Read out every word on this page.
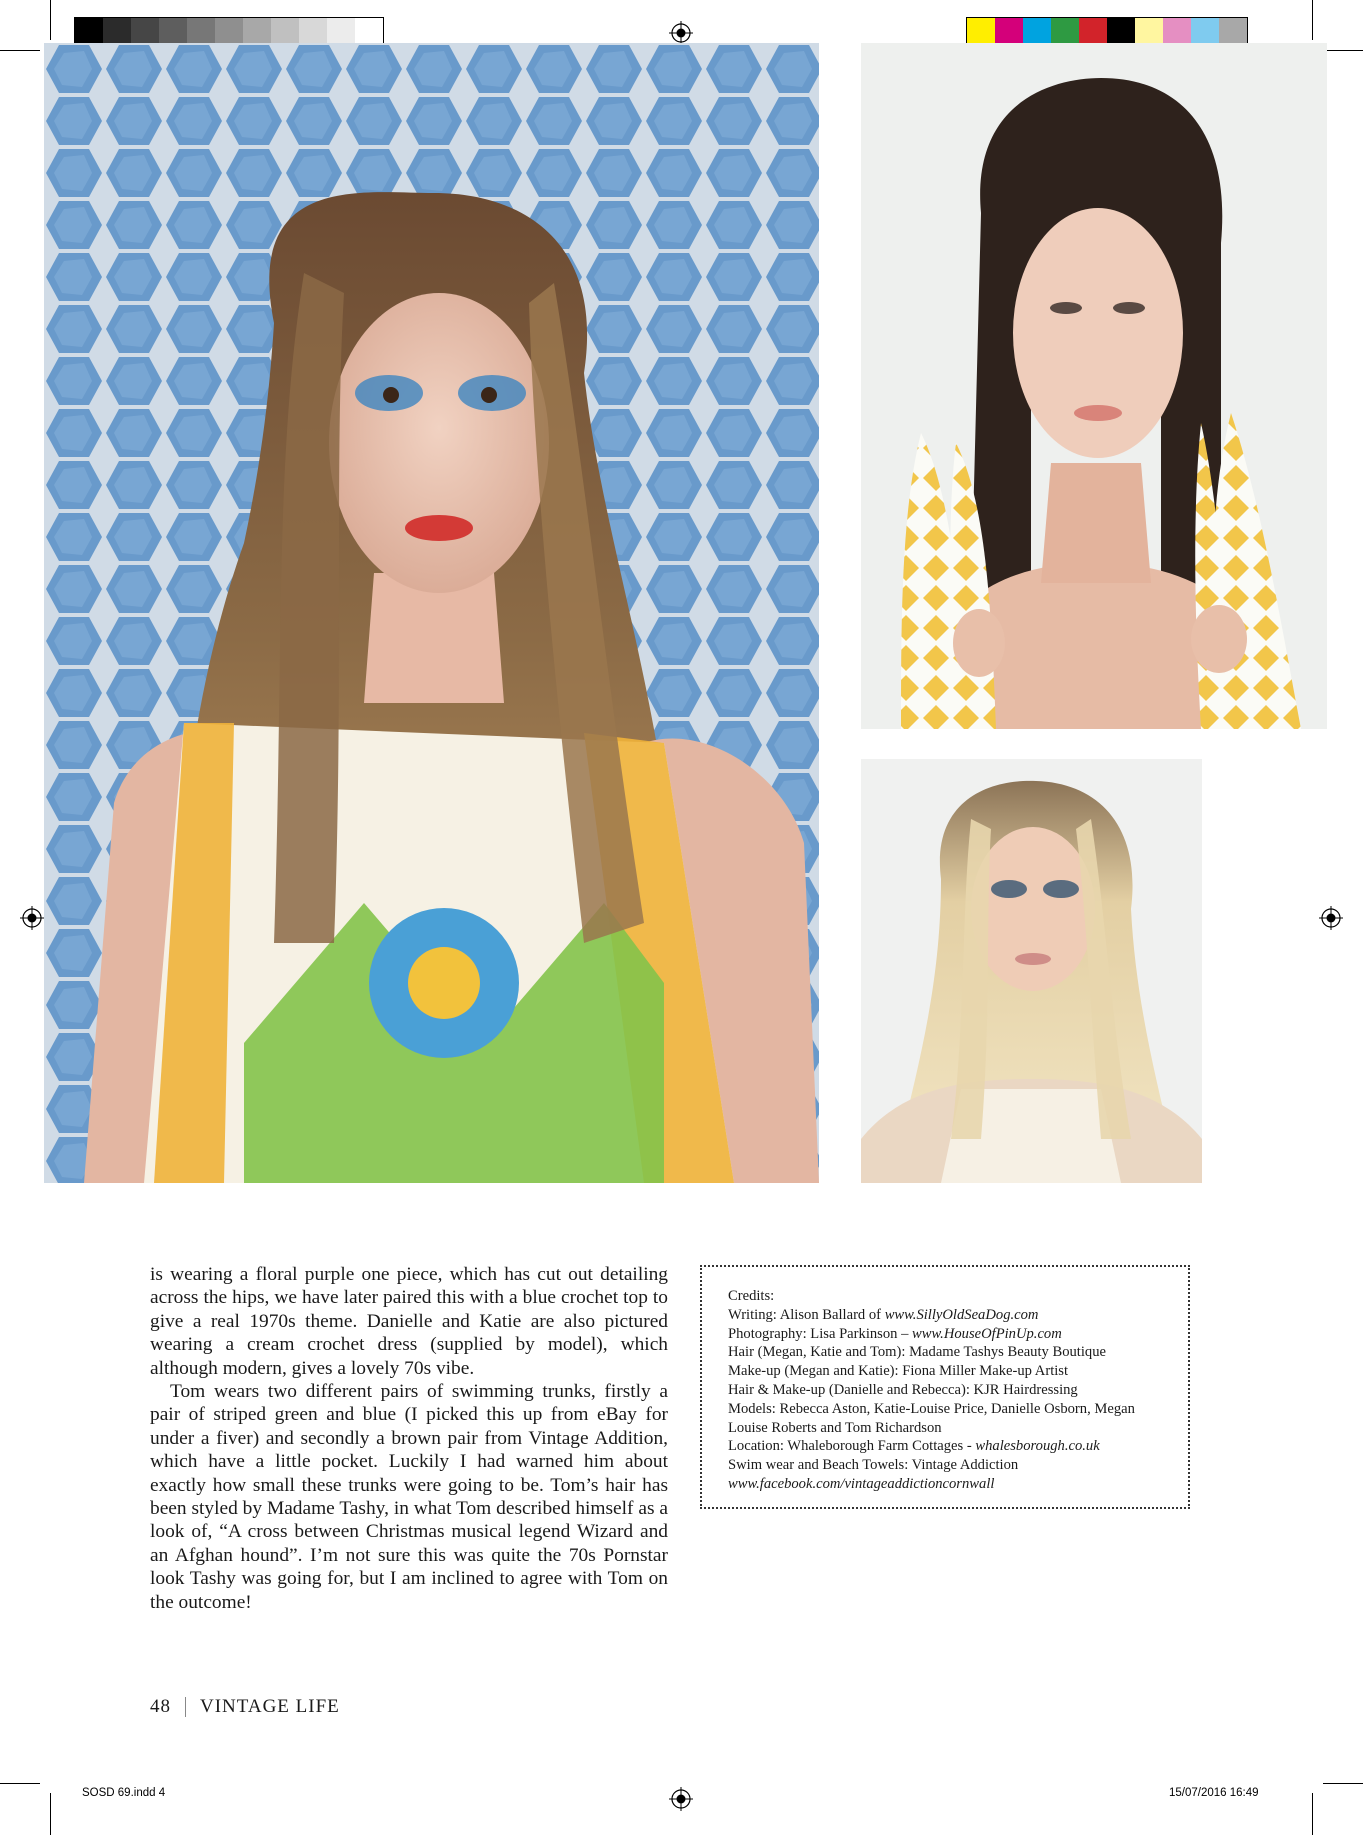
is wearing a floral purple one piece, which has cut out detailing across the hips, we have later paired this with a blue crochet top to give a real 1970s theme. Danielle and Katie are also pictured wearing a cream crochet dress (supplied by model), which although modern, gives a lovely 70s vibe.

Tom wears two different pairs of swimming trunks, firstly a pair of striped green and blue (I picked this up from eBay for under a fiver) and secondly a brown pair from Vintage Addition, which have a little pocket. Luckily I had warned him about exactly how small these trunks were going to be. Tom’s hair has been styled by Madame Tashy, in what Tom described himself as a look of, “A cross between Christmas musical legend Wizard and an Afghan hound”. I’m not sure this was quite the 70s Pornstar look Tashy was going for, but I am inclined to agree with Tom on the outcome!

Credits:
Writing: Alison Ballard of www.SillyOldSeaDog.com
Photography: Lisa Parkinson – www.HouseOfPinUp.com
Hair (Megan, Katie and Tom): Madame Tashys Beauty Boutique
Make-up (Megan and Katie): Fiona Miller Make-up Artist
Hair & Make-up (Danielle and Rebecca): KJR Hairdressing
Models: Rebecca Aston, Katie-Louise Price, Danielle Osborn, Megan
Louise Roberts and Tom Richardson
Location: Whaleborough Farm Cottages - whalesborough.co.uk
Swim wear and Beach Towels: Vintage Addiction
www.facebook.com/vintageaddictioncornwall
48 VINTAGE LIFE
SOSD 69.indd 4	15/07/2016 16:49
